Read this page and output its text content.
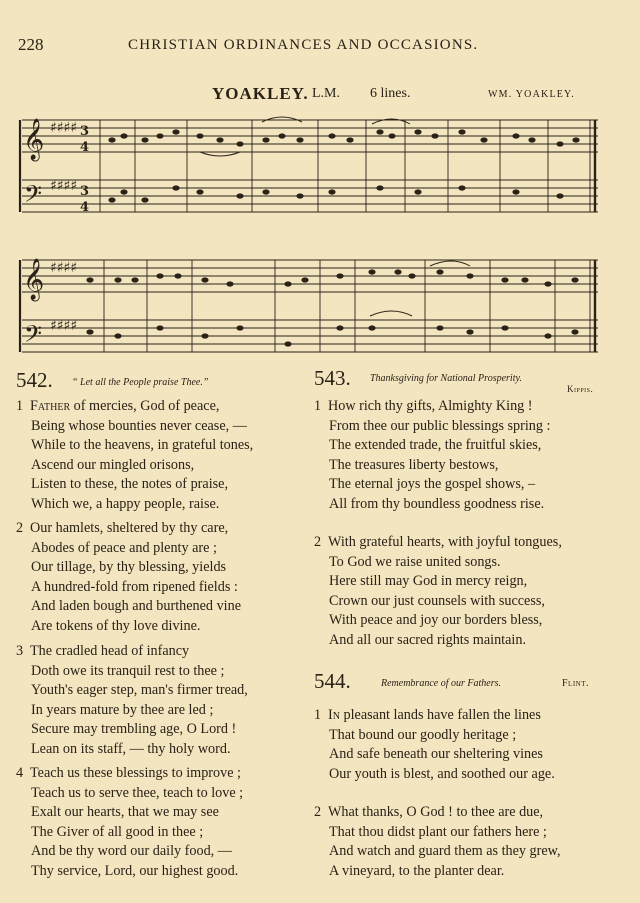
228	CHRISTIAN ORDINANCES AND OCCASIONS.
YOAKLEY. L.M. 6 lines.	WM. YOAKLEY.
𝄞
𝄢
𝄞
𝄢
♯♯♯♯
♯♯♯♯
♯♯♯♯
♯♯♯♯
3
4
3
4
542. “ Let all the People praise Thee.”
1 Father of mercies, God of peace,
Being whose bounties never cease, —
While to the heavens, in grateful tones,
Ascend our mingled orisons,
Listen to these, the notes of praise,
Which we, a happy people, raise.
2 Our hamlets, sheltered by thy care,
Abodes of peace and plenty are ;
Our tillage, by thy blessing, yields
A hundred-fold from ripened fields :
And laden bough and burthened vine
Are tokens of thy love divine.
3 The cradled head of infancy
Doth owe its tranquil rest to thee ;
Youth's eager step, man's firmer tread,
In years mature by thee are led ;
Secure may trembling age, O Lord !
Lean on its staff, — thy holy word.
4 Teach us these blessings to improve ;
Teach us to serve thee, teach to love ;
Exalt our hearts, that we may see
The Giver of all good in thee ;
And be thy word our daily food, —
Thy service, Lord, our highest good.
543. Thanksgiving for National Prosperity.
Kippis.
1 How rich thy gifts, Almighty King !
From thee our public blessings spring :
The extended trade, the fruitful skies,
The treasures liberty bestows,
The eternal joys the gospel shows, –
All from thy boundless goodness rise.
2 With grateful hearts, with joyful tongues,
To God we raise united songs.
Here still may God in mercy reign,
Crown our just counsels with success,
With peace and joy our borders bless,
And all our sacred rights maintain.
544.	Remembrance of our Fathers.	Flint.
1 In pleasant lands have fallen the lines
That bound our goodly heritage ;
And safe beneath our sheltering vines
Our youth is blest, and soothed our age.
2 What thanks, O God ! to thee are due,
That thou didst plant our fathers here ;
And watch and guard them as they grew,
A vineyard, to the planter dear.
